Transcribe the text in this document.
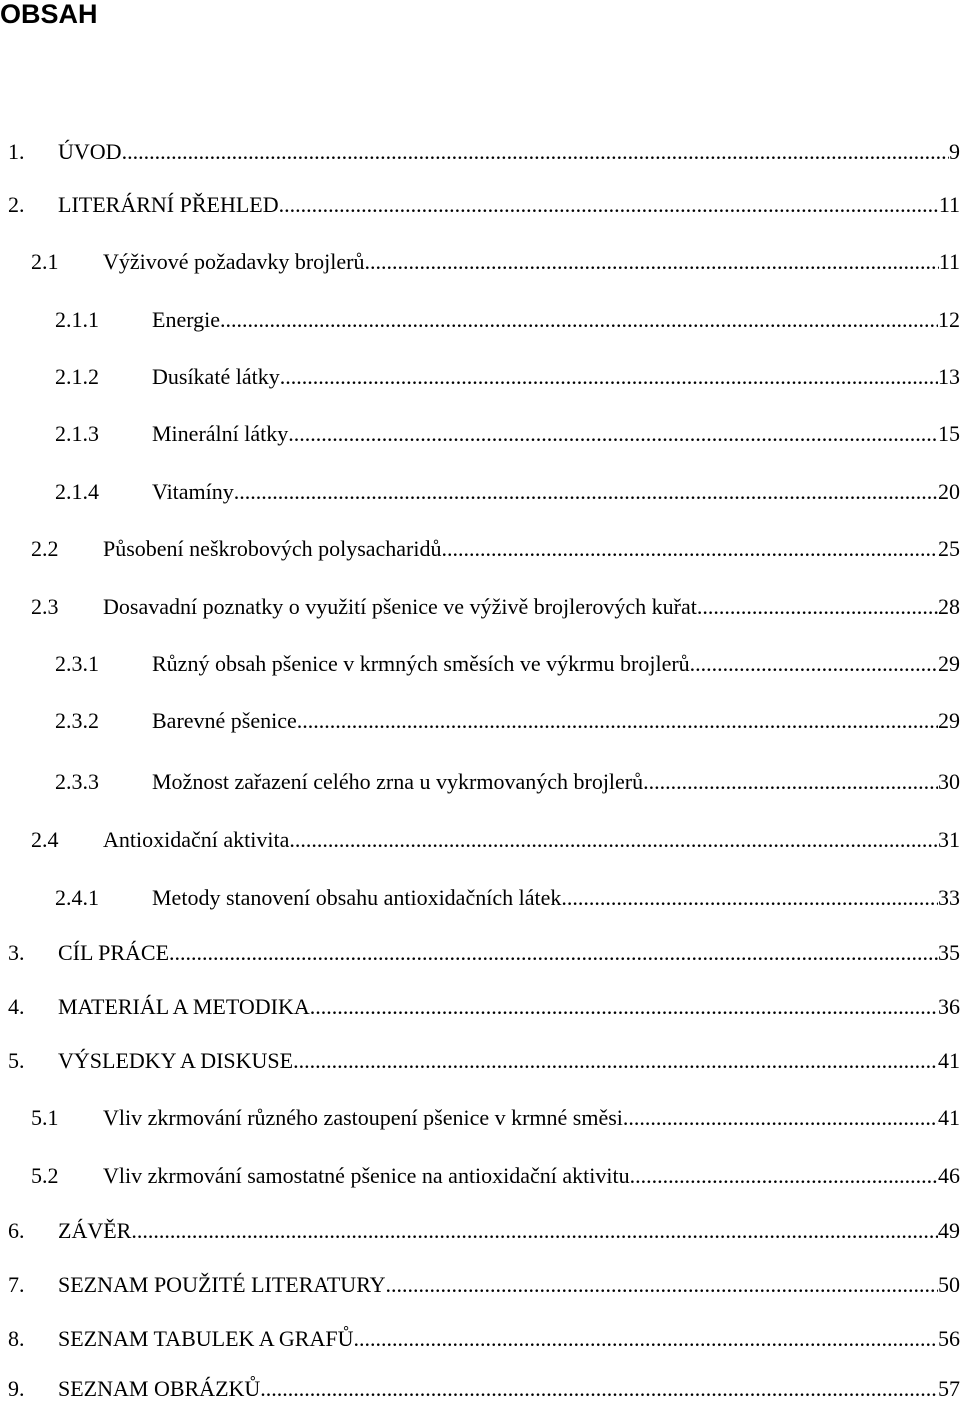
OBSAH
1.	ÚVOD .....	9
2.	LITERÁRNÍ PŘEHLED .....	11
2.1	Výživové požadavky brojlerů .....	11
2.1.1	Energie .....	12
2.1.2	Dusíkaté látky .....	13
2.1.3	Minerální látky .....	15
2.1.4	Vitamíny .....	20
2.2	Působení neškrobových polysacharidů .....	25
2.3	Dosavadní poznatky o využití pšenice ve výživě brojlerových kuřat .....	28
2.3.1	Různý obsah pšenice v krmných směsích ve výkrmu brojlerů .....	29
2.3.2	Barevné pšenice .....	29
2.3.3	Možnost zařazení celého zrna u vykrmovaných brojlerů .....	30
2.4	Antioxidační aktivita .....	31
2.4.1	Metody stanovení obsahu antioxidačních látek .....	33
3.	CÍL PRÁCE .....	35
4.	MATERIÁL A METODIKA .....	36
5.	VÝSLEDKY A DISKUSE .....	41
5.1	Vliv zkrmování různého zastoupení pšenice v krmné směsi .....	41
5.2	Vliv zkrmování samostatné pšenice na antioxidační aktivitu .....	46
6.	ZÁVĚR .....	49
7.	SEZNAM POUŽITÉ LITERATURY .....	50
8.	SEZNAM TABULEK A GRAFŮ .....	56
9.	SEZNAM OBRÁZKŮ .....	57
